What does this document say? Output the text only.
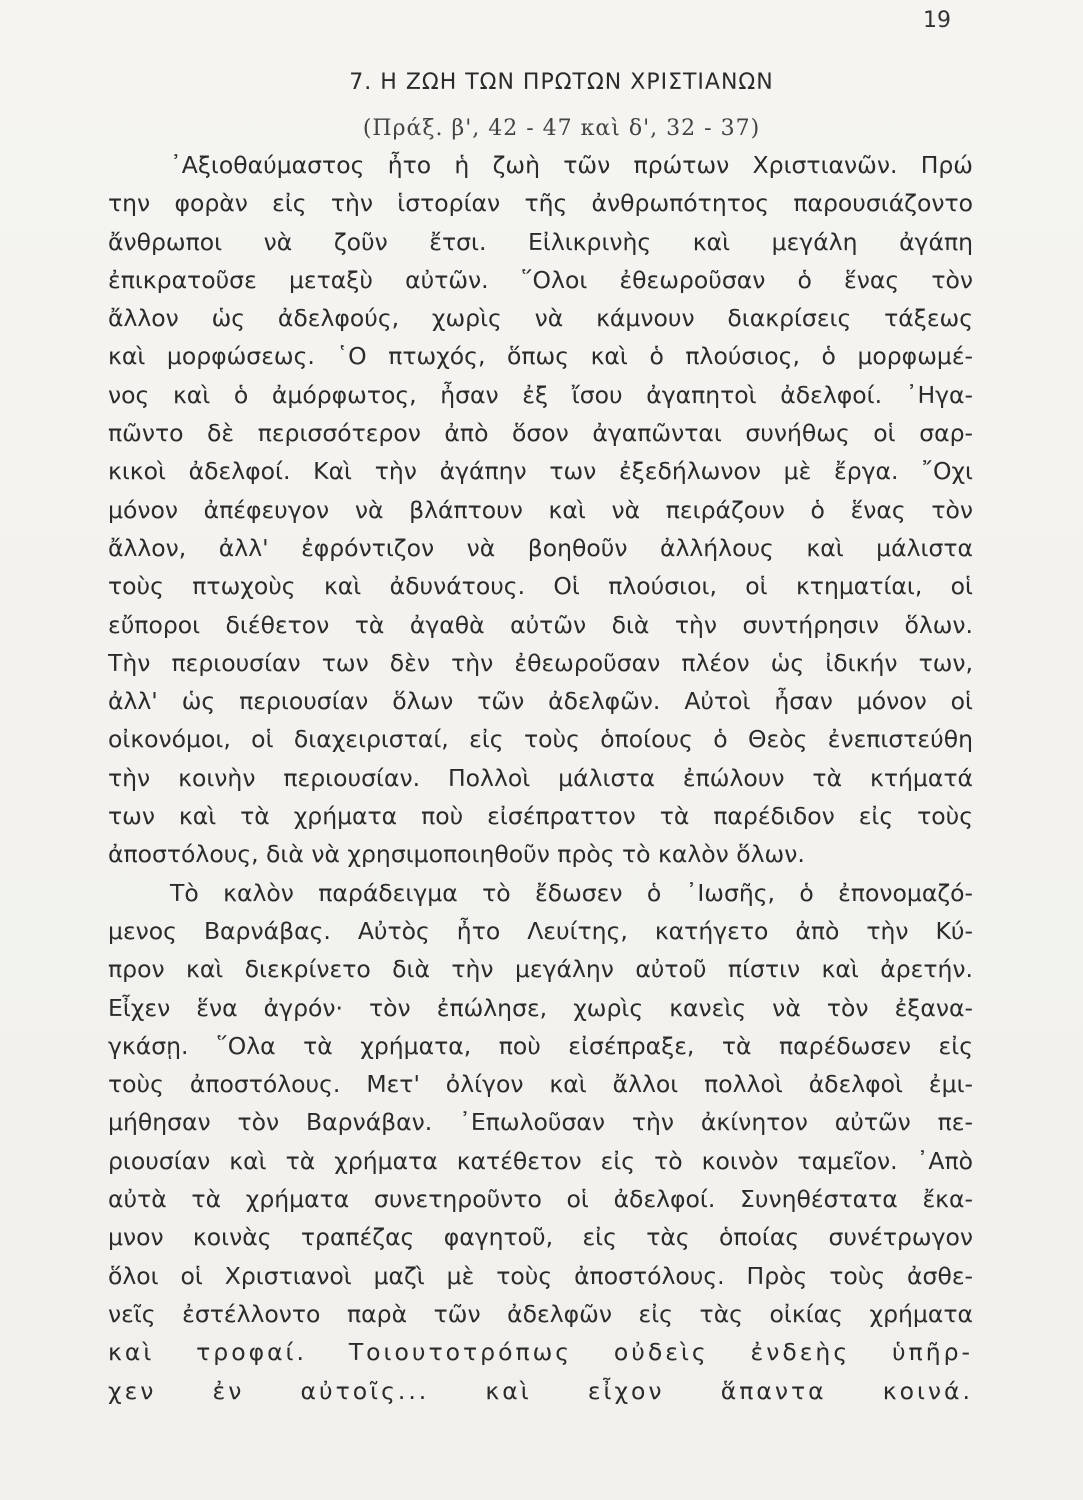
19
7. Η ΖΩΗ ΤΩΝ ΠΡΩΤΩΝ ΧΡΙΣΤΙΑΝΩΝ
(Πράξ. β', 42 - 47 καὶ δ', 32 - 37)
᾿Αξιοθαύμαστος ἦτο ἡ ζωὴ τῶν πρώτων Χριστιανῶν. Πρώ
την φορὰν εἰς τὴν ἱστορίαν τῆς ἀνθρωπότητος παρουσιάζοντο
ἄνθρωποι νὰ ζοῦν ἔτσι. Εἰλικρινὴς καὶ μεγάλη ἀγάπη
ἐπικρατοῦσε μεταξὺ αὐτῶν. ῞Ολοι ἐθεωροῦσαν ὁ ἕνας τὸν
ἄλλον ὡς ἀδελφούς, χωρὶς νὰ κάμνουν διακρίσεις τάξεως
καὶ μορφώσεως. ῾Ο πτωχός, ὅπως καὶ ὁ πλούσιος, ὁ μορφωμέ-
νος καὶ ὁ ἀμόρφωτος, ἦσαν ἐξ ἴσου ἀγαπητοὶ ἀδελφοί. ᾿Ηγα-
πῶντο δὲ περισσότερον ἀπὸ ὅσον ἀγαπῶνται συνήθως οἱ σαρ-
κικοὶ ἀδελφοί. Καὶ τὴν ἀγάπην των ἐξεδήλωνον μὲ ἔργα. ῎Οχι
μόνον ἀπέφευγον νὰ βλάπτουν καὶ νὰ πειράζουν ὁ ἕνας τὸν
ἄλλον, ἀλλ' ἐφρόντιζον νὰ βοηθοῦν ἀλλήλους καὶ μάλιστα
τοὺς πτωχοὺς καὶ ἀδυνάτους. Οἱ πλούσιοι, οἱ κτηματίαι, οἱ
εὔποροι διέθετον τὰ ἀγαθὰ αὐτῶν διὰ τὴν συντήρησιν ὅλων.
Τὴν περιουσίαν των δὲν τὴν ἐθεωροῦσαν πλέον ὡς ἰδικήν των,
ἀλλ' ὡς περιουσίαν ὅλων τῶν ἀδελφῶν. Αὐτοὶ ἦσαν μόνον οἱ
οἰκονόμοι, οἱ διαχειρισταί, εἰς τοὺς ὁποίους ὁ Θεὸς ἐνεπιστεύθη
τὴν κοινὴν περιουσίαν. Πολλοὶ μάλιστα ἐπώλουν τὰ κτήματά
των καὶ τὰ χρήματα ποὺ εἰσέπραττον τὰ παρέδιδον εἰς τοὺς
ἀποστόλους, διὰ νὰ χρησιμοποιηθοῦν πρὸς τὸ καλὸν ὅλων.
Τὸ καλὸν παράδειγμα τὸ ἔδωσεν ὁ ᾿Ιωσῆς, ὁ ἐπονομαζό-
μενος Βαρνάβας. Αὐτὸς ἦτο Λευίτης, κατήγετο ἀπὸ τὴν Κύ-
προν καὶ διεκρίνετο διὰ τὴν μεγάλην αὐτοῦ πίστιν καὶ ἀρετήν.
Εἶχεν ἕνα ἀγρόν· τὸν ἐπώλησε, χωρὶς κανεὶς νὰ τὸν ἐξανα-
γκάσῃ. ῞Ολα τὰ χρήματα, ποὺ εἰσέπραξε, τὰ παρέδωσεν εἰς
τοὺς ἀποστόλους. Μετ' ὀλίγον καὶ ἄλλοι πολλοὶ ἀδελφοὶ ἐμι-
μήθησαν τὸν Βαρνάβαν. ᾿Επωλοῦσαν τὴν ἀκίνητον αὐτῶν πε-
ριουσίαν καὶ τὰ χρήματα κατέθετον εἰς τὸ κοινὸν ταμεῖον. ᾿Απὸ
αὐτὰ τὰ χρήματα συνετηροῦντο οἱ ἀδελφοί. Συνηθέστατα ἔκα-
μνον κοινὰς τραπέζας φαγητοῦ, εἰς τὰς ὁποίας συνέτρωγον
ὅλοι οἱ Χριστιανοὶ μαζὶ μὲ τοὺς ἀποστόλους. Πρὸς τοὺς ἀσθε-
νεῖς ἐστέλλοντο παρὰ τῶν ἀδελφῶν εἰς τὰς οἰκίας χρήματα
καὶ τροφαί. Τοιουτοτρόπως οὐδεὶς ἐνδεὴς ὑπῆρ-
χεν ἐν αὐτοῖς... καὶ εἶχον ἅπαντα κοινά.
